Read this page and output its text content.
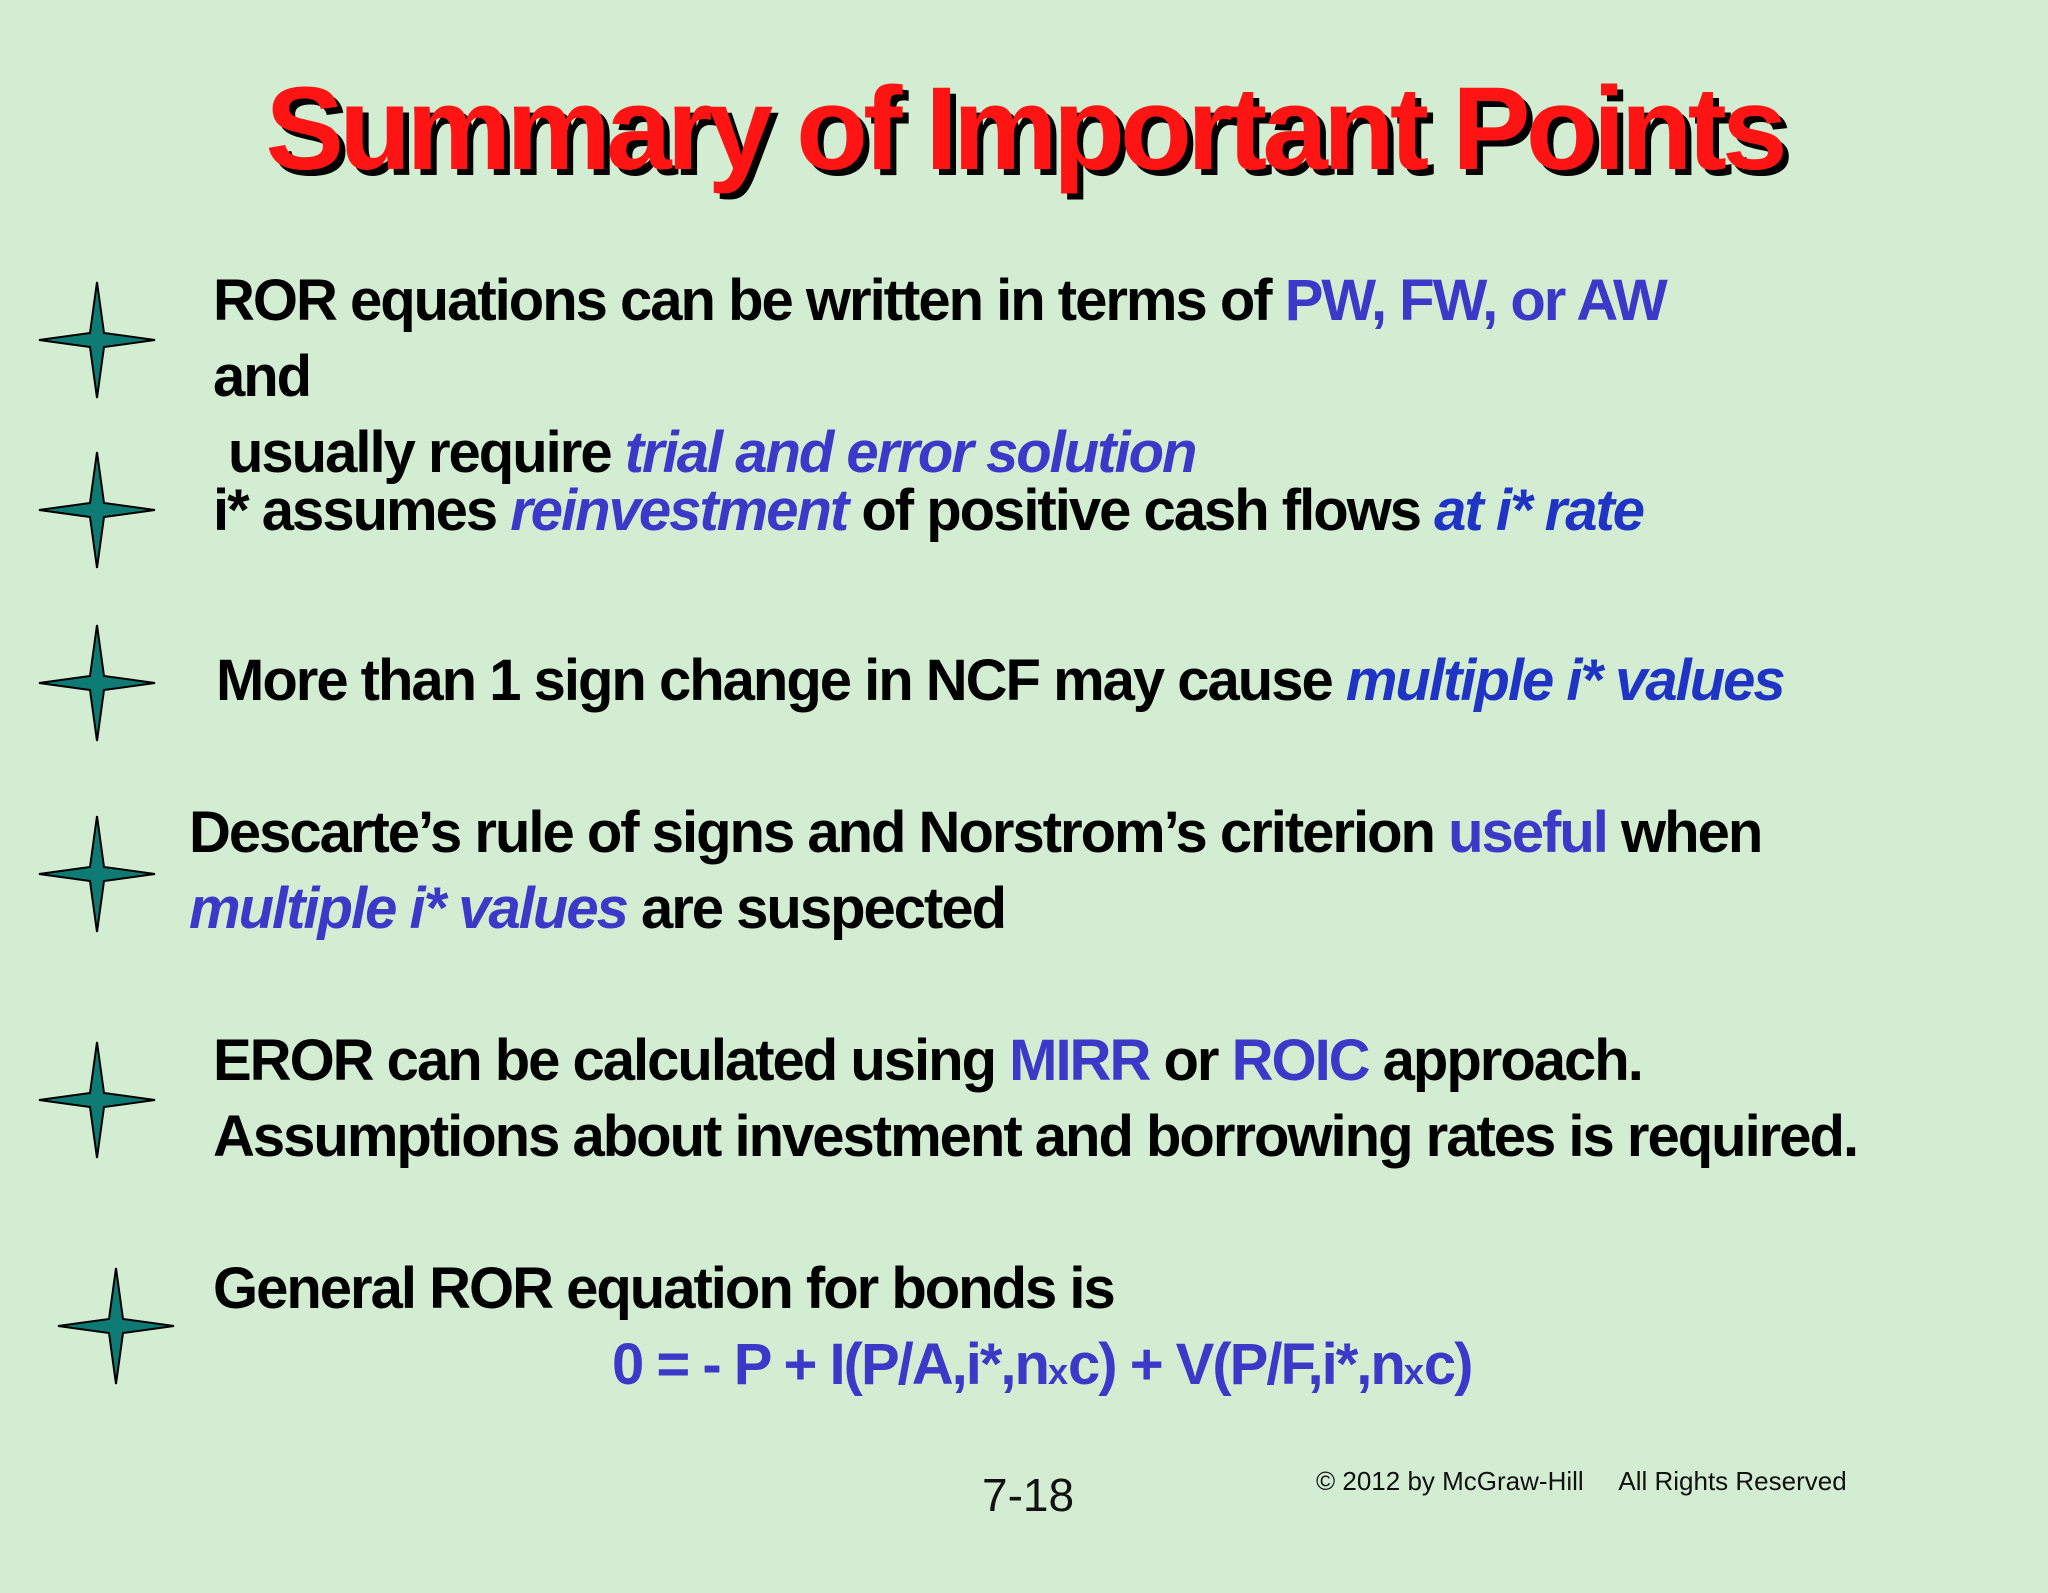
Summary of Important Points
ROR equations can be written in terms of PW, FW, or AW
and
usually require trial and error solution
i* assumes reinvestment of positive cash flows at i* rate
More than 1 sign change in NCF may cause multiple i* values
Descarte’s rule of signs and Norstrom’s criterion useful when
multiple i* values are suspected
EROR can be calculated using MIRR or ROIC approach.
Assumptions about investment and borrowing rates is required.
General ROR equation for bonds is
0 = - P + I(P/A,i*,nxc) + V(P/F,i*,nxc)
7-18	© 2012 by McGraw-Hill     All Rights Reserved
